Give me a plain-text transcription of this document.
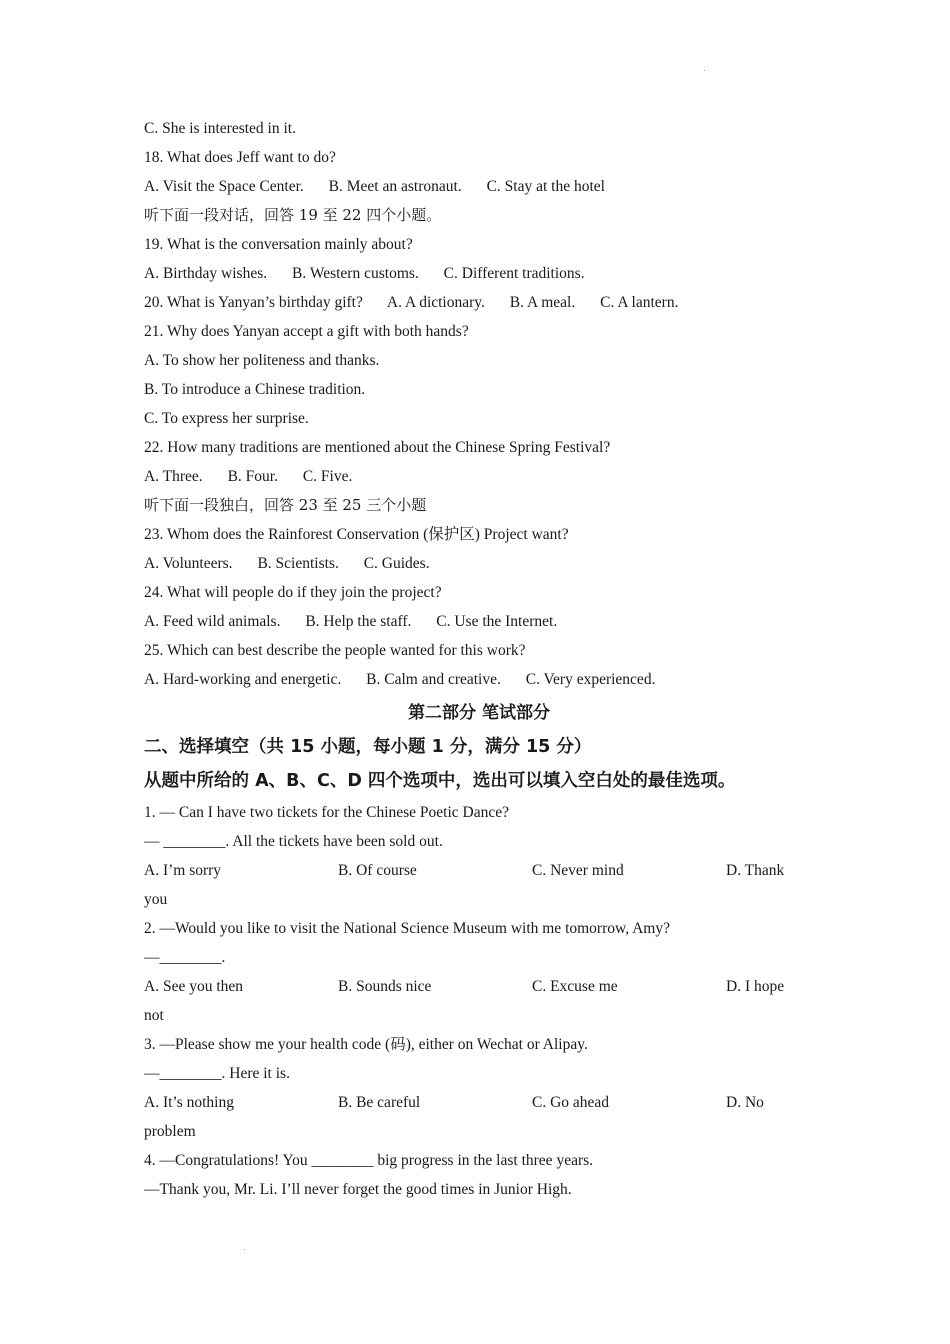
C. She is interested in it.
18. What does Jeff want to do?
A. Visit the Space Center. B. Meet an astronaut. C. Stay at the hotel
听下面一段对话，回答 19 至 22 四个小题。
19. What is the conversation mainly about?
A. Birthday wishes. B. Western customs. C. Different traditions.
20. What is Yanyan’s birthday gift? A. A dictionary. B. A meal. C. A lantern.
21. Why does Yanyan accept a gift with both hands?
A. To show her politeness and thanks.
B. To introduce a Chinese tradition.
C. To express her surprise.
22. How many traditions are mentioned about the Chinese Spring Festival?
A. Three. B. Four. C. Five.
听下面一段独白，回答 23 至 25 三个小题
23. Whom does the Rainforest Conservation (保护区) Project want?
A. Volunteers. B. Scientists. C. Guides.
24. What will people do if they join the project?
A. Feed wild animals. B. Help the staff. C. Use the Internet.
25. Which can best describe the people wanted for this work?
A. Hard-working and energetic. B. Calm and creative. C. Very experienced.
第二部分 笔试部分
二、选择填空（共 15 小题，每小题 1 分，满分 15 分）
从题中所给的 A、B、C、D 四个选项中，选出可以填入空白处的最佳选项。
1. — Can I have two tickets for the Chinese Poetic Dance?
— ________. All the tickets have been sold out.
A. I’m sorry	B. Of course	C. Never mind	D. Thank
you
2. —Would you like to visit the National Science Museum with me tomorrow, Amy?
—________.
A. See you then	B. Sounds nice	C. Excuse me	D. I hope
not
3. —Please show me your health code (码), either on Wechat or Alipay.
—________. Here it is.
A. It’s nothing	B. Be careful	C. Go ahead	D. No
problem
4. —Congratulations! You ________ big progress in the last three years.
—Thank you, Mr. Li. I’ll never forget the good times in Junior High.
